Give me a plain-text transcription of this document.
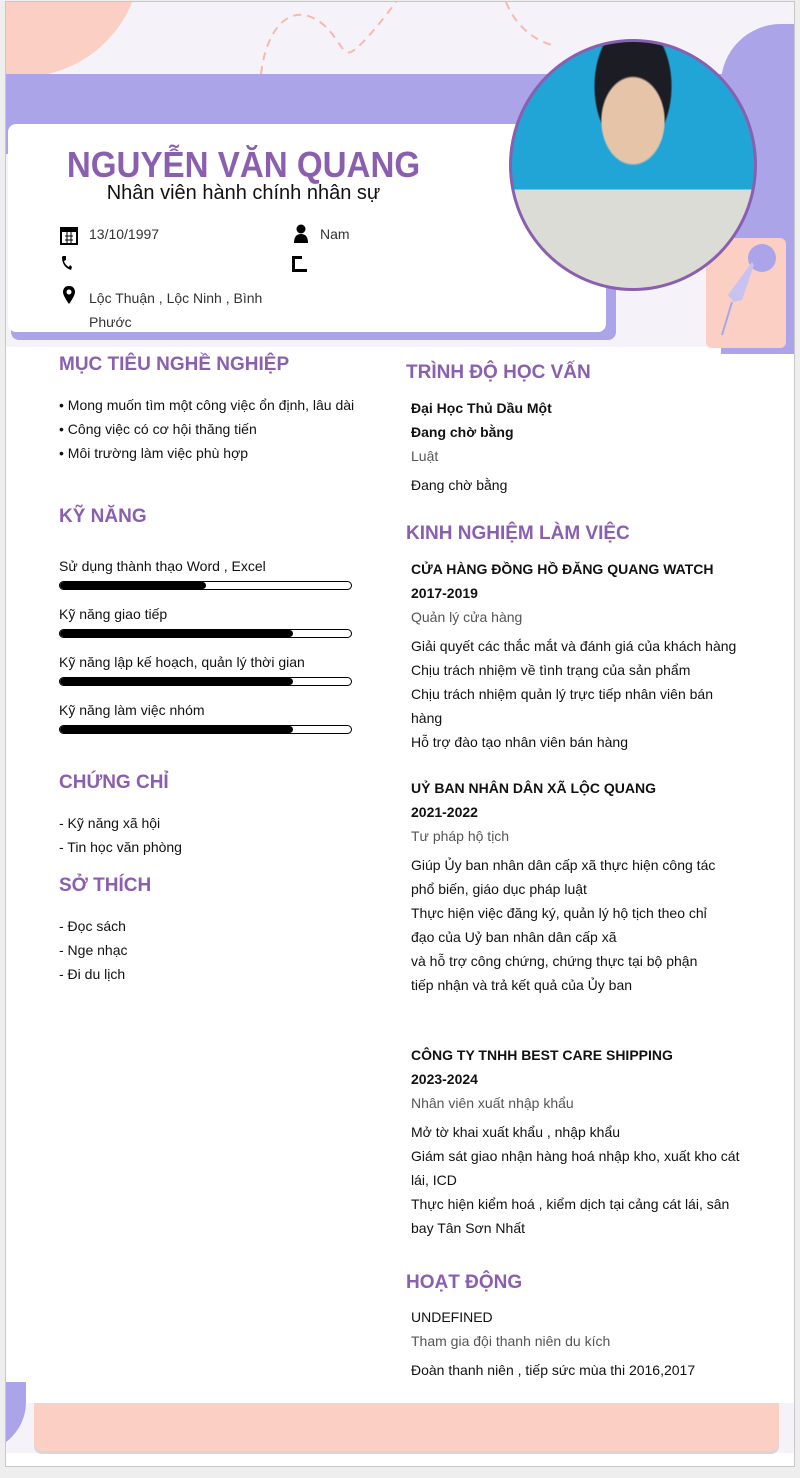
NGUYỄN VĂN QUANG
Nhân viên hành chính nhân sự
13/10/1997	Nam
Lộc Thuận , Lộc Ninh , Bình
Phước
MỤC TIÊU NGHỀ NGHIỆP
• Mong muốn tìm một công việc ổn định, lâu dài
• Công việc có cơ hội thăng tiến
• Môi trường làm việc phù hợp
KỸ NĂNG
Sử dụng thành thạo Word , Excel
Kỹ năng giao tiếp
Kỹ năng lập kế hoạch, quản lý thời gian
Kỹ năng làm việc nhóm
CHỨNG CHỈ
- Kỹ năng xã hội
- Tin học văn phòng
SỞ THÍCH
- Đọc sách
- Nge nhạc
- Đi du lịch
TRÌNH ĐỘ HỌC VẤN
Đại Học Thủ Dầu Một
Đang chờ bằng
Luật
Đang chờ bằng
KINH NGHIỆM LÀM VIỆC
CỬA HÀNG ĐỒNG HỒ ĐĂNG QUANG WATCH
2017-2019
Quản lý cửa hàng
Giải quyết các thắc mắt và đánh giá của khách hàng
Chịu trách nhiệm về tình trạng của sản phẩm
Chịu trách nhiệm quản lý trực tiếp nhân viên bán
hàng
Hỗ trợ đào tạo nhân viên bán hàng
UỶ BAN NHÂN DÂN XÃ LỘC QUANG
2021-2022
Tư pháp hộ tịch
Giúp Ủy ban nhân dân cấp xã thực hiện công tác
phổ biến, giáo dục pháp luật
Thực hiện việc đăng ký, quản lý hộ tịch theo chỉ
đạo của Uỷ ban nhân dân cấp xã
và hỗ trợ công chứng, chứng thực tại bộ phận
tiếp nhận và trả kết quả của Ủy ban
CÔNG TY TNHH BEST CARE SHIPPING
2023-2024
Nhân viên xuất nhập khẩu
Mở tờ khai xuất khẩu , nhập khẩu
Giám sát giao nhận hàng hoá nhập kho, xuất kho cát
lái, ICD
Thực hiện kiểm hoá , kiểm dịch tại cảng cát lái, sân
bay Tân Sơn Nhất
HOẠT ĐỘNG
UNDEFINED
Tham gia đội thanh niên du kích
Đoàn thanh niên , tiếp sức mùa thi 2016,2017
